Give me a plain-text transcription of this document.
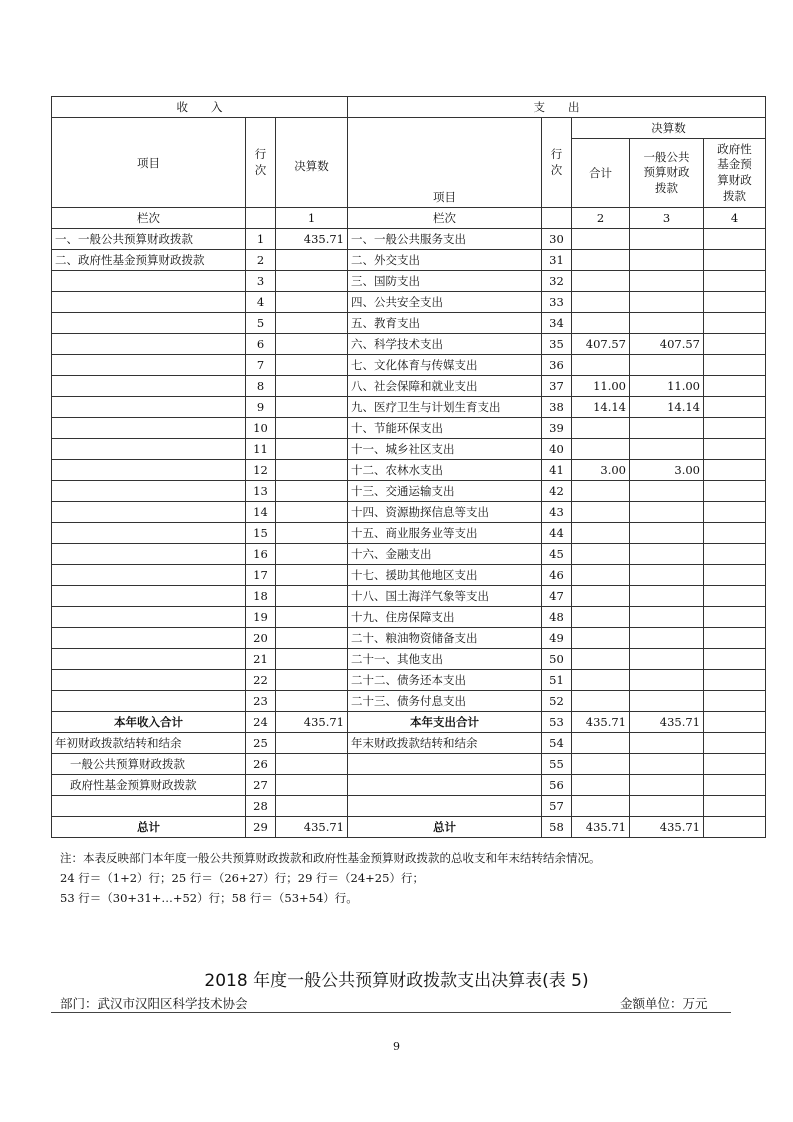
收　　入			支　　出				
项目	行次	决算数	项目	行次	决算数		
					合计	一般公共预算财政拨款	政府性基金预算财政拨款
栏次		1	栏次		2	3	4
一、一般公共预算财政拨款	1	435.71	一、一般公共服务支出	30			
二、政府性基金预算财政拨款	2		二、外交支出	31			
	3		三、国防支出	32			
	4		四、公共安全支出	33			
	5		五、教育支出	34			
	6		六、科学技术支出	35	407.57	407.57	
	7		七、文化体育与传媒支出	36			
	8		八、社会保障和就业支出	37	11.00	11.00	
	9		九、医疗卫生与计划生育支出	38	14.14	14.14	
	10		十、节能环保支出	39			
	11		十一、城乡社区支出	40			
	12		十二、农林水支出	41	3.00	3.00	
	13		十三、交通运输支出	42			
	14		十四、资源勘探信息等支出	43			
	15		十五、商业服务业等支出	44			
	16		十六、金融支出	45			
	17		十七、援助其他地区支出	46			
	18		十八、国土海洋气象等支出	47			
	19		十九、住房保障支出	48			
	20		二十、粮油物资储备支出	49			
	21		二十一、其他支出	50			
	22		二十二、债务还本支出	51			
	23		二十三、债务付息支出	52			
本年收入合计	24	435.71	本年支出合计	53	435.71	435.71	
年初财政拨款结转和结余	25		年末财政拨款结转和结余	54			
一般公共预算财政拨款	26			55			
政府性基金预算财政拨款	27			56			
	28			57			
总计	29	435.71	总计	58	435.71	435.71	
注：本表反映部门本年度一般公共预算财政拨款和政府性基金预算财政拨款的总收支和年末结转结余情况。
24 行＝（1+2）行；25 行＝（26+27）行；29 行＝（24+25）行；
53 行＝（30+31+…+52）行；58 行＝（53+54）行。
2018 年度一般公共预算财政拨款支出决算表(表 5)
部门：武汉市汉阳区科学技术协会	金额单位：万元
9
